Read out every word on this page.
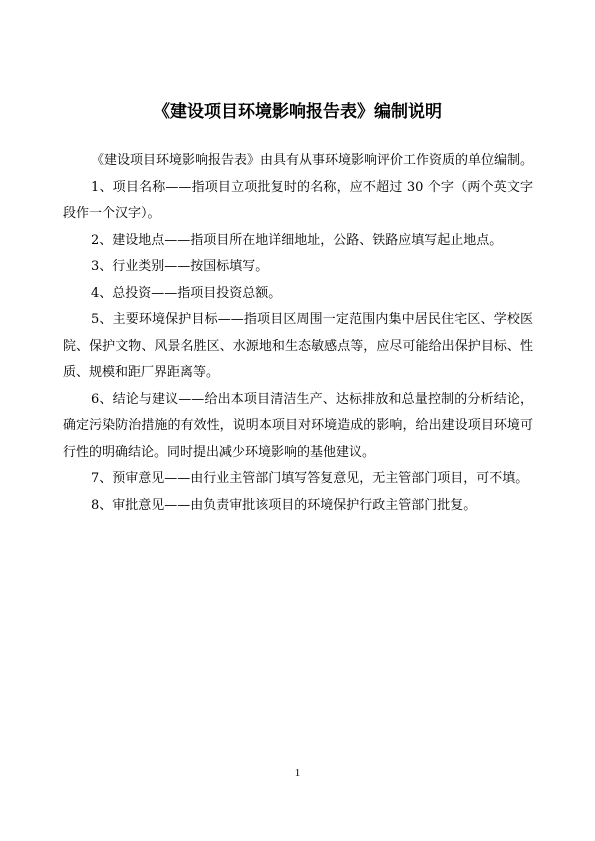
《建设项目环境影响报告表》编制说明

《建设项目环境影响报告表》由具有从事环境影响评价工作资质的单位编制。

1、项目名称——指项目立项批复时的名称，应不超过 30 个字（两个英文字段作一个汉字）。

2、建设地点——指项目所在地详细地址，公路、铁路应填写起止地点。

3、行业类别——按国标填写。

4、总投资——指项目投资总额。

5、主要环境保护目标——指项目区周围一定范围内集中居民住宅区、学校医院、保护文物、风景名胜区、水源地和生态敏感点等，应尽可能给出保护目标、性质、规模和距厂界距离等。

6、结论与建议——给出本项目清洁生产、达标排放和总量控制的分析结论，确定污染防治措施的有效性，说明本项目对环境造成的影响，给出建设项目环境可行性的明确结论。同时提出减少环境影响的基他建议。

7、预审意见——由行业主管部门填写答复意见，无主管部门项目，可不填。

8、审批意见——由负责审批该项目的环境保护行政主管部门批复。

1
